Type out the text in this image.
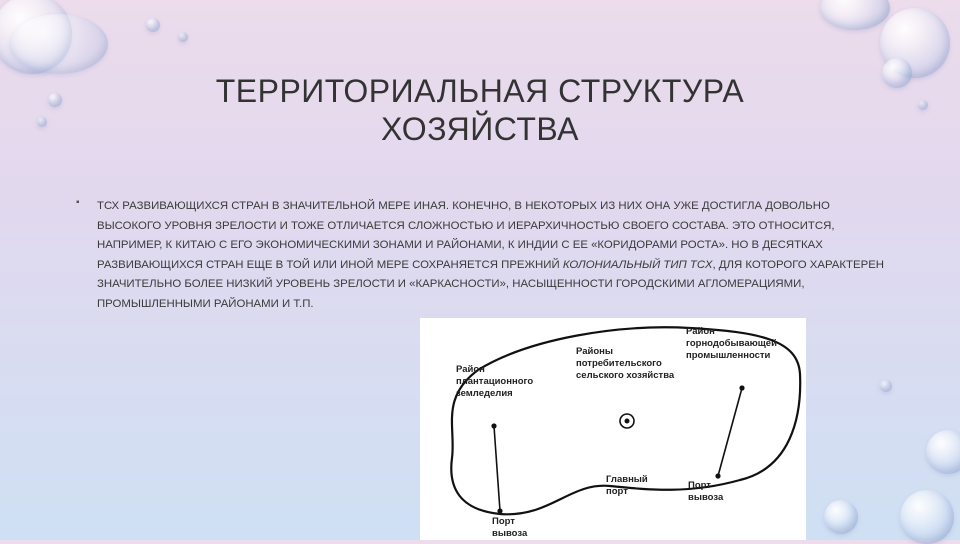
ТЕРРИТОРИАЛЬНАЯ СТРУКТУРА
ХОЗЯЙСТВА
▪ ТСХ РАЗВИВАЮЩИХСЯ СТРАН В ЗНАЧИТЕЛЬНОЙ МЕРЕ ИНАЯ. КОНЕЧНО, В НЕКОТОРЫХ ИЗ НИХ ОНА УЖЕ ДОСТИГЛА ДОВОЛЬНО ВЫСОКОГО УРОВНЯ ЗРЕЛОСТИ И ТОЖЕ ОТЛИЧАЕТСЯ СЛОЖНОСТЬЮ И ИЕРАРХИЧНОСТЬЮ СВОЕГО СОСТАВА. ЭТО ОТНОСИТСЯ, НАПРИМЕР, К КИТАЮ С ЕГО ЭКОНОМИЧЕСКИМИ ЗОНАМИ И РАЙОНАМИ, К ИНДИИ С ЕЕ «КОРИДОРАМИ РОСТА». НО В ДЕСЯТКАХ РАЗВИВАЮЩИХСЯ СТРАН ЕЩЕ В ТОЙ ИЛИ ИНОЙ МЕРЕ СОХРАНЯЕТСЯ ПРЕЖНИЙ КОЛОНИАЛЬНЫЙ ТИП ТСХ, ДЛЯ КОТОРОГО ХАРАКТЕРЕН ЗНАЧИТЕЛЬНО БОЛЕЕ НИЗКИЙ УРОВЕНЬ ЗРЕЛОСТИ И «КАРКАСНОСТИ», НАСЫЩЕННОСТИ ГОРОДСКИМИ АГЛОМЕРАЦИЯМИ, ПРОМЫШЛЕННЫМИ РАЙОНАМИ И Т.П.

Район
плантационного
земледелия
Районы
потребительского
сельского хозяйства
Район
горнодобывающей
промышленности
Главный
порт
Порт
вывоза
Порт
вывоза
